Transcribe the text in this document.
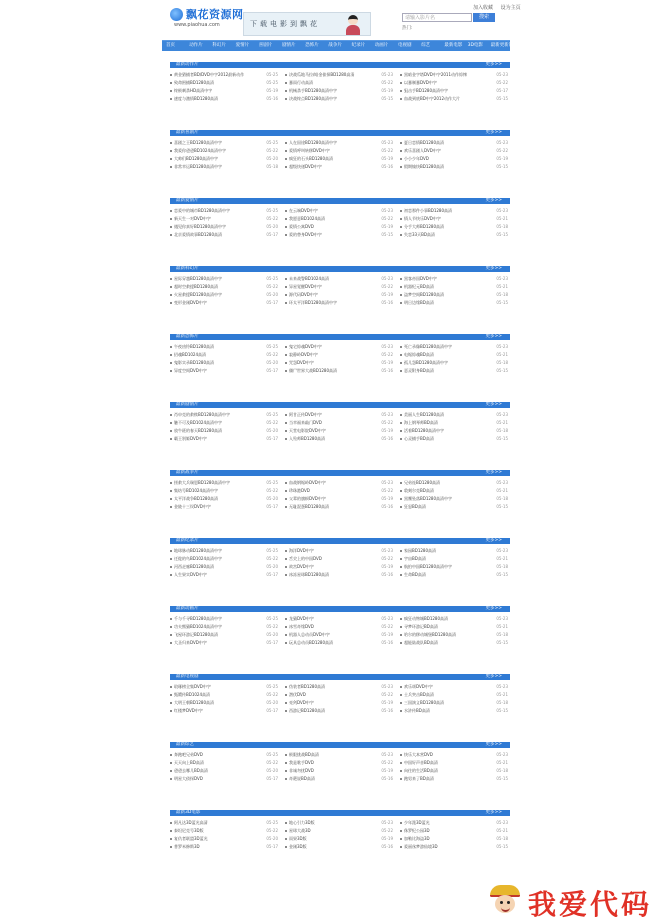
飘花资源网
www.piaohua.com	下载电影到飘花
加入收藏 设为主页
请输入影片名	搜索
热门:
首页	动作片 科幻片 爱情片 喜剧片 剧情片 恐怖片 战争片 纪录片 动画片 电视剧 综艺	最新电影 3D电影 最新更新的电影
最新动作片	更多>>
黄金猎捕者BD/DVD中字2012最新动作	05-25	决战瓜地马拉/暗金侦探BD1280高清	05-23	黑暗金字塔DVD中字2011动作惊悚	05-23
致命围捕BD1280高清	05-25	暴雨行动高清	05-22	以暴制暴DVD中字	05-22
终极刺杀HD高清中字	05-19	机械杀手BD1280高清中字	05-19	狙击手BD1280高清中字	05-17
速度与激情BD1280高清	05-16	决战终点BD1280高清中字	05-15	血战到底BD中字2012动作大片	05-15
最新喜剧片	更多>>
喜剧之王BD1280高清中字	05-25	人在囧途BD1280高清中字	05-23	夏日恋情BD1280高清	05-23
我爱你爸爸BD1024高清中字	05-22	爱情呼叫转移DVD中字	05-22	欢乐喜剧人DVD中字	05-22
大帅们BD1280高清中字	05-20	疯狂的石头BD1280高清	05-19	小小少年DVD	05-19
非常幸运BD1280高清中字	05-18	超级快递DVD中字	05-16	假期愉快BD1280高清	05-15
最新爱情片	更多>>
恋爱中的城市BD1280高清中字	05-25	在云端DVD中字	05-23	初恋那件小事BD1280高清	05-23
新天生一对DVD中字	05-22	我愿意BD1024高清	05-22	情人节快乐DVD中字	05-21
遇见你真好BD1280高清中字	05-20	爱情公寓DVD	05-19	分手大师BD1280高清	05-18
北京爱情故事BD1280高清	05-17	爱的替身DVD中字	05-15	失恋33天BD高清	05-15
最新科幻片	更多>>
星际穿越BD1280高清中字	05-25	未来战警BD1024高清	05-23	黑客帝国DVD中字	05-23
超时空救援BD1280高清	05-22	异星觉醒DVD中字	05-22	机器纪元BD高清	05-21
火星救援BD1280高清中字	05-20	源代码DVD中字	05-19	盗梦空间BD1280高清	05-18
变形金刚DVD中字	05-17	环太平洋BD1280高清中字	05-16	明日边缘BD高清	05-15
最新恐怖片	更多>>
午夜凶铃BD1280高清	05-25	鬼宅惊魂DVD中字	05-23	死亡录像BD1280高清中字	05-23
招魂BD1024高清	05-22	寂静岭DVD中字	05-22	电锯惊魂BD高清	05-21
鬼影实录BD1280高清	05-20	咒怨DVD中字	05-19	孤儿怨BD1280高清中字	05-18
异度空间DVD中字	05-17	僵尸世界大战BD1280高清	05-16	恶灵附身BD高清	05-15
最新剧情片	更多>>
肖申克的救赎BD1280高清中字	05-25	阿甘正传DVD中字	05-23	美丽人生BD1280高清	05-23
触不可及BD1024高清中字	05-22	当幸福来敲门DVD	05-22	海上钢琴师BD高清	05-21
放牛班的春天BD1280高清	05-20	天堂电影院DVD中字	05-19	活着BD1280高清中字	05-18
霸王别姬DVD中字	05-17	入殓师BD1280高清	05-16	心灵捕手BD高清	05-15
最新战争片	更多>>
拯救大兵瑞恩BD1280高清中字	05-25	血战钢锯岭DVD中字	05-23	兄弟连BD1280高清	05-23
集结号BD1024高清中字	05-22	珍珠港DVD	05-22	敦刻尔克BD高清	05-21
太平洋战争BD1280高清	05-20	父辈的旗帜DVD中字	05-19	黑鹰坠落BD1280高清中字	05-18
金陵十三钗DVD中字	05-17	无耻混蛋BD1280高清	05-16	狂怒BD高清	05-15
最新纪录片	更多>>
地球脉动BD1280高清中字	05-25	海洋DVD中字	05-23	家园BD1280高清	05-23
迁徙的鸟BD1024高清中字	05-22	舌尖上的中国DVD	05-22	宇宙BD高清	05-21
河西走廊BD1280高清	05-20	故宫DVD中字	05-19	航拍中国BD1280高清中字	05-18
人生果实DVD中字	05-17	冰冻星球BD1280高清	05-16	生命BD高清	05-15
最新动画片	更多>>
千与千寻BD1280高清中字	05-25	龙猫DVD中字	05-23	疯狂动物城BD1280高清	05-23
功夫熊猫BD1024高清中字	05-22	冰雪奇缘DVD	05-22	寻梦环游记BD高清	05-21
飞屋环游记BD1280高清	05-20	机器人总动员DVD中字	05-19	哈尔的移动城堡BD1280高清	05-18
大圣归来DVD中字	05-17	玩具总动员BD1280高清	05-16	超能陆战队BD高清	05-15
最新电视剧	更多>>
琅琊榜全集DVD中字	05-25	伪装者BD1280高清	05-23	欢乐颂DVD中字	05-23
甄嬛传BD1024高清	05-22	潜伏DVD	05-22	士兵突击BD高清	05-21
大明王朝BD1280高清	05-20	亮剑DVD中字	05-19	三国演义BD1280高清	05-18
红楼梦DVD中字	05-17	西游记BD1280高清	05-16	水浒传BD高清	05-15
最新综艺	更多>>
奔跑吧兄弟DVD	05-25	极限挑战BD高清	05-23	快乐大本营DVD	05-23
天天向上BD高清	05-22	我是歌手DVD	05-22	中国好声音BD高清	05-21
爸爸去哪儿BD高清	05-20	非诚勿扰DVD	05-19	向往的生活BD高清	05-18
明星大侦探DVD	05-17	奇葩说BD高清	05-16	跑男来了BD高清	05-15
最新3D电影	更多>>
阿凡达3D蓝光高清	05-25	地心引力3D版	05-23	少年派3D蓝光	05-23
泰坦尼克号3D版	05-22	星球大战3D	05-22	侏罗纪公园3D	05-21
复仇者联盟3D蓝光	05-20	雨果3D版	05-19	加勒比海盗3D	05-18
普罗米修斯3D	05-17	金刚3D版	05-16	爱丽丝梦游仙境3D	05-15
我爱代码
